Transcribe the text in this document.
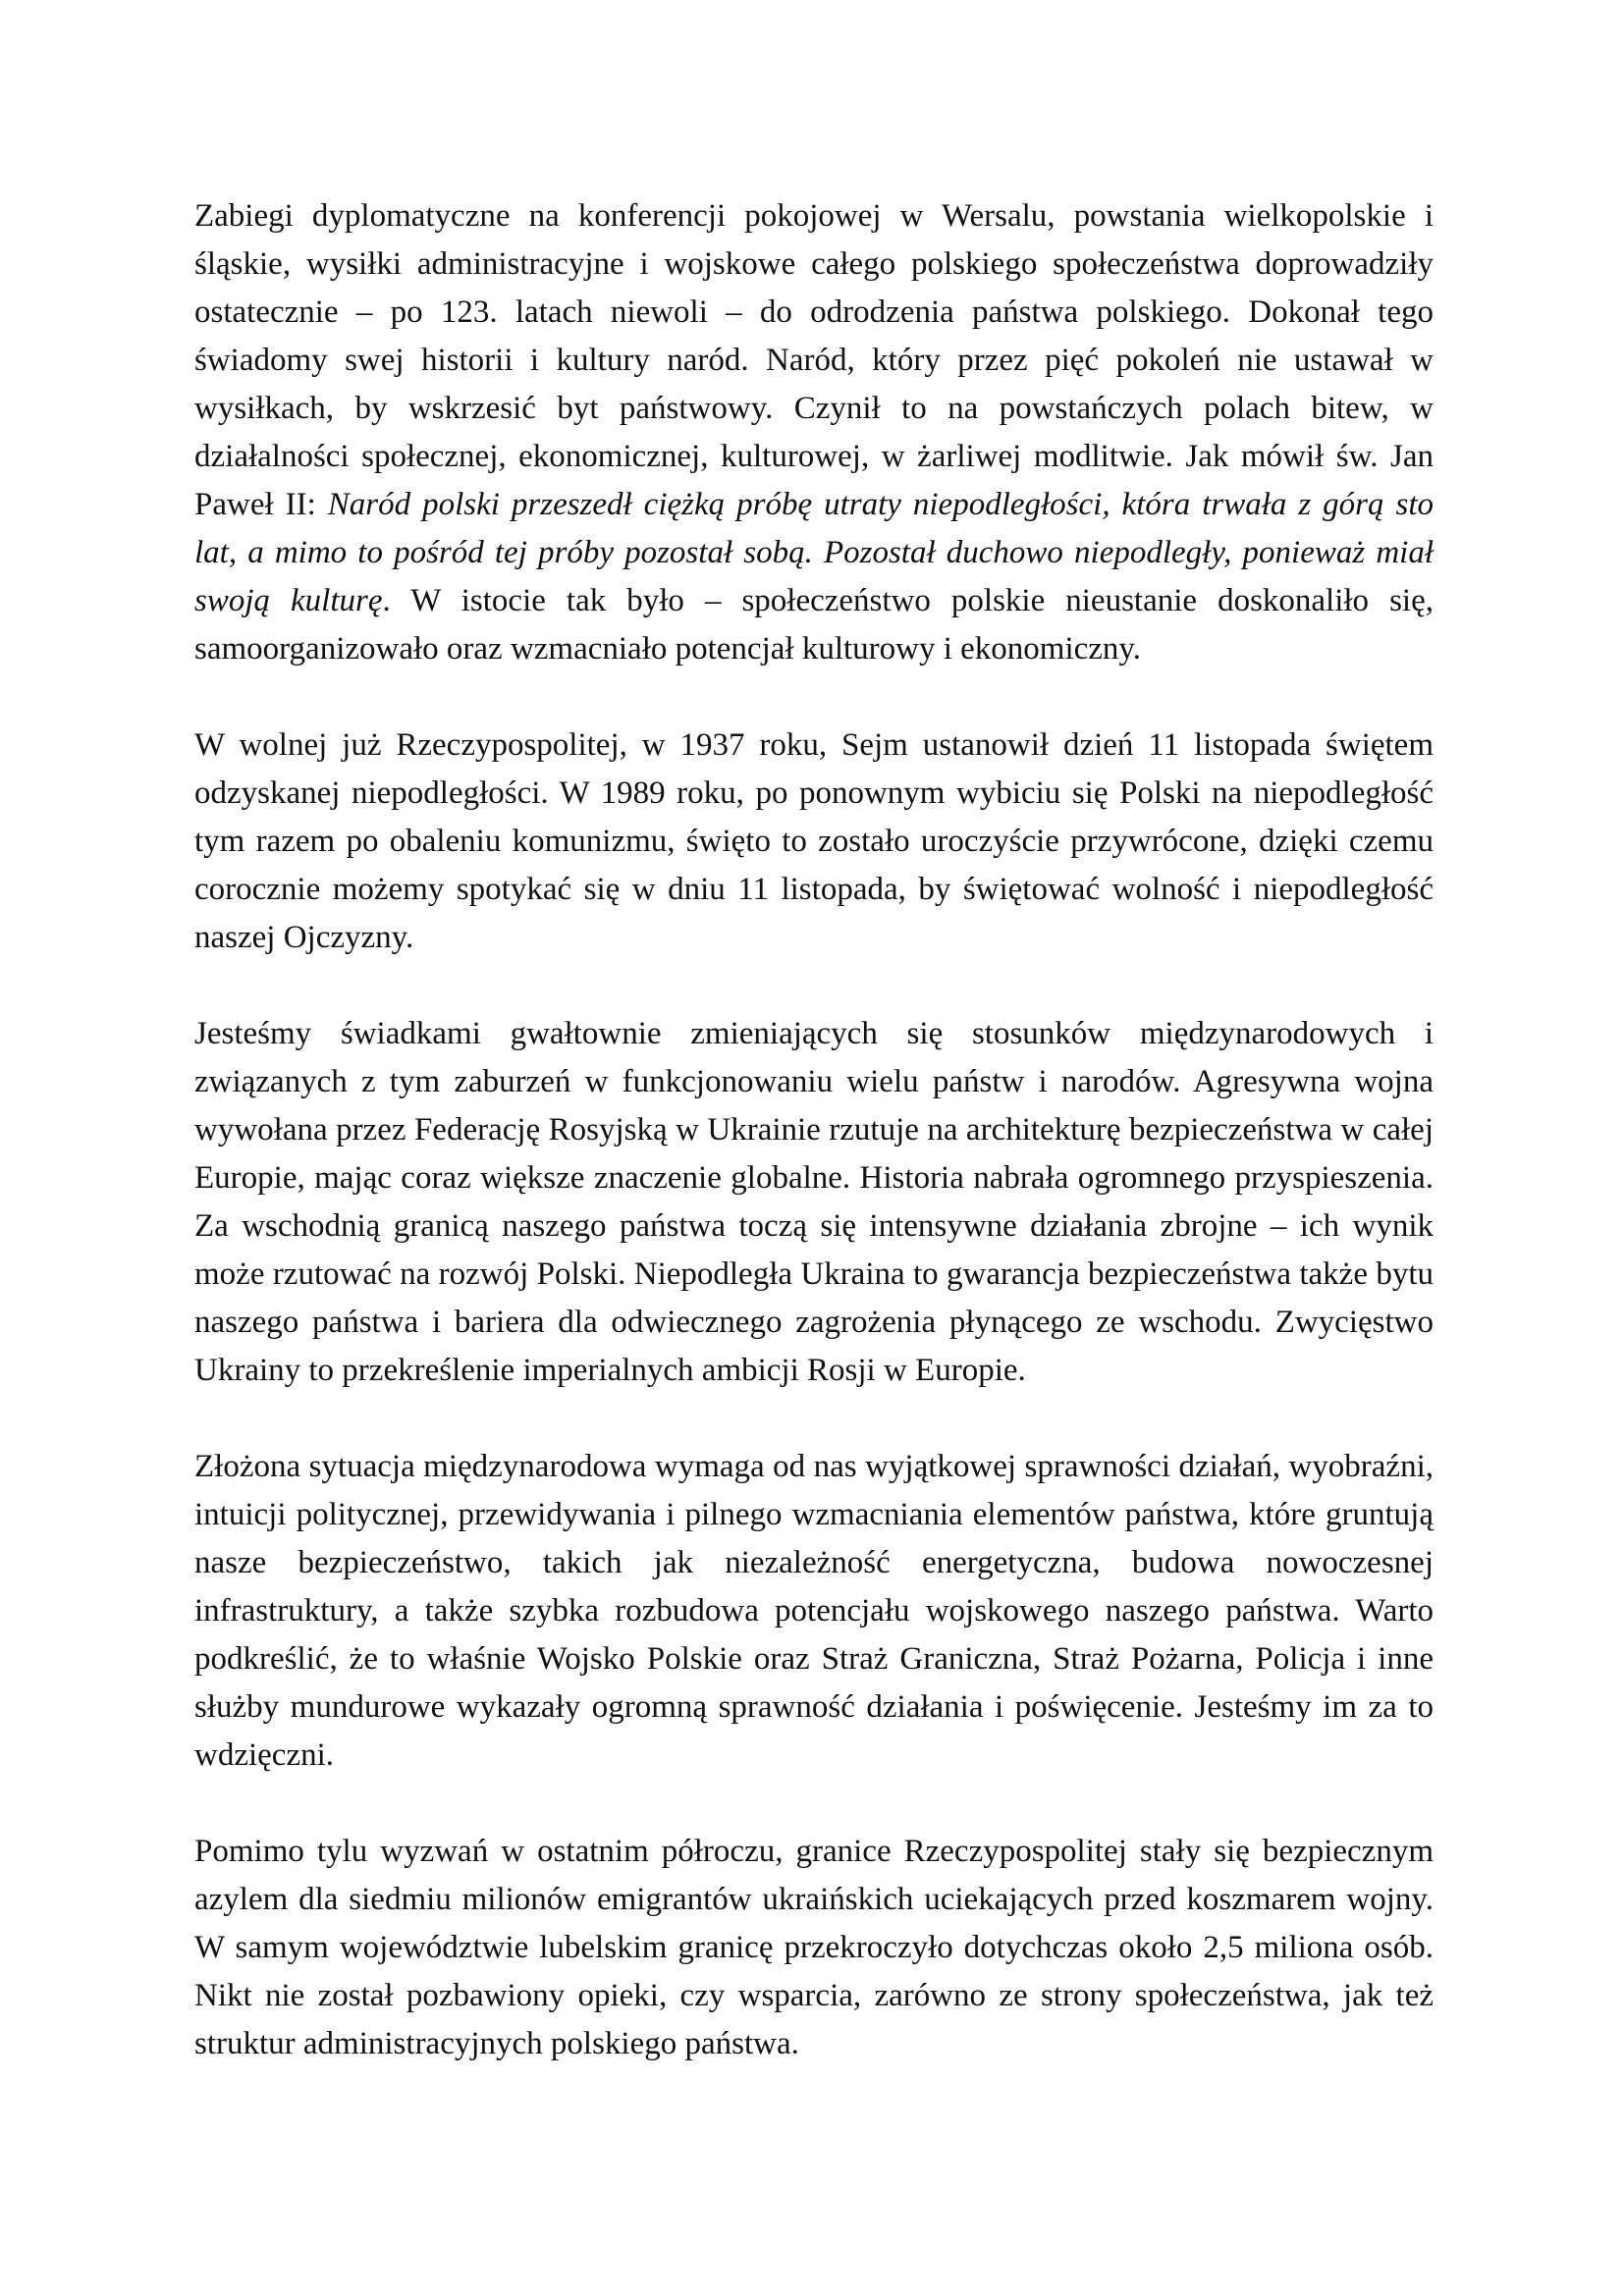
Zabiegi dyplomatyczne na konferencji pokojowej w Wersalu, powstania wielkopolskie i śląskie, wysiłki administracyjne i wojskowe całego polskiego społeczeństwa doprowadziły ostatecznie – po 123. latach niewoli – do odrodzenia państwa polskiego. Dokonał tego świadomy swej historii i kultury naród. Naród, który przez pięć pokoleń nie ustawał w wysiłkach, by wskrzesić byt państwowy. Czynił to na powstańczych polach bitew, w działalności społecznej, ekonomicznej, kulturowej, w żarliwej modlitwie. Jak mówił św. Jan Paweł II: Naród polski przeszedł ciężką próbę utraty niepodległości, która trwała z górą sto lat, a mimo to pośród tej próby pozostał sobą. Pozostał duchowo niepodległy, ponieważ miał swoją kulturę. W istocie tak było – społeczeństwo polskie nieustanie doskonaliło się, samoorganizowało oraz wzmacniało potencjał kulturowy i ekonomiczny.

W wolnej już Rzeczypospolitej, w 1937 roku, Sejm ustanowił dzień 11 listopada świętem odzyskanej niepodległości. W 1989 roku, po ponownym wybiciu się Polski na niepodległość tym razem po obaleniu komunizmu, święto to zostało uroczyście przywrócone, dzięki czemu corocznie możemy spotykać się w dniu 11 listopada, by świętować wolność i niepodległość naszej Ojczyzny.

Jesteśmy świadkami gwałtownie zmieniających się stosunków międzynarodowych i związanych z tym zaburzeń w funkcjonowaniu wielu państw i narodów. Agresywna wojna wywołana przez Federację Rosyjską w Ukrainie rzutuje na architekturę bezpieczeństwa w całej Europie, mając coraz większe znaczenie globalne. Historia nabrała ogromnego przyspieszenia. Za wschodnią granicą naszego państwa toczą się intensywne działania zbrojne – ich wynik może rzutować na rozwój Polski. Niepodległa Ukraina to gwarancja bezpieczeństwa także bytu naszego państwa i bariera dla odwiecznego zagrożenia płynącego ze wschodu. Zwycięstwo Ukrainy to przekreślenie imperialnych ambicji Rosji w Europie.

Złożona sytuacja międzynarodowa wymaga od nas wyjątkowej sprawności działań, wyobraźni, intuicji politycznej, przewidywania i pilnego wzmacniania elementów państwa, które gruntują nasze bezpieczeństwo, takich jak niezależność energetyczna, budowa nowoczesnej infrastruktury, a także szybka rozbudowa potencjału wojskowego naszego państwa. Warto podkreślić, że to właśnie Wojsko Polskie oraz Straż Graniczna, Straż Pożarna, Policja i inne służby mundurowe wykazały ogromną sprawność działania i poświęcenie. Jesteśmy im za to wdzięczni.

Pomimo tylu wyzwań w ostatnim półroczu, granice Rzeczypospolitej stały się bezpiecznym azylem dla siedmiu milionów emigrantów ukraińskich uciekających przed koszmarem wojny. W samym województwie lubelskim granicę przekroczyło dotychczas około 2,5 miliona osób. Nikt nie został pozbawiony opieki, czy wsparcia, zarówno ze strony społeczeństwa, jak też struktur administracyjnych polskiego państwa.
